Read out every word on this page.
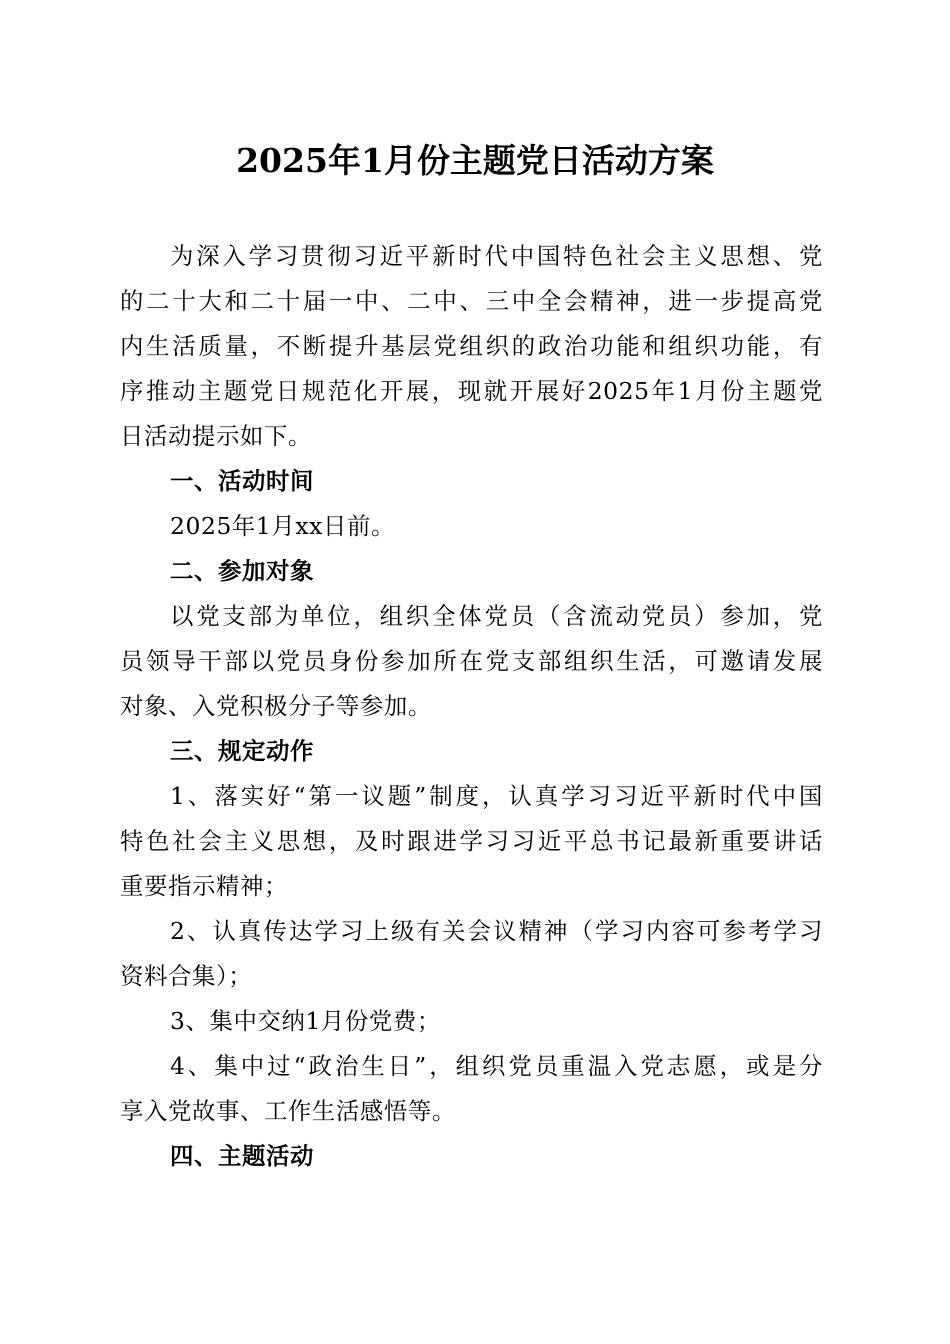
2025年1月份主题党日活动方案
为深入学习贯彻习近平新时代中国特色社会主义思想、党
的二十大和二十届一中、二中、三中全会精神，进一步提高党
内生活质量，不断提升基层党组织的政治功能和组织功能，有
序推动主题党日规范化开展，现就开展好2025年1月份主题党
日活动提示如下。
一、活动时间
2025年1月xx日前。
二、参加对象
以党支部为单位，组织全体党员（含流动党员）参加，党
员领导干部以党员身份参加所在党支部组织生活，可邀请发展
对象、入党积极分子等参加。
三、规定动作
1、落实好“第一议题”制度，认真学习习近平新时代中国
特色社会主义思想，及时跟进学习习近平总书记最新重要讲话
重要指示精神；
2、认真传达学习上级有关会议精神（学习内容可参考学习
资料合集）；
3、集中交纳1月份党费；
4、集中过“政治生日”，组织党员重温入党志愿，或是分
享入党故事、工作生活感悟等。
四、主题活动
